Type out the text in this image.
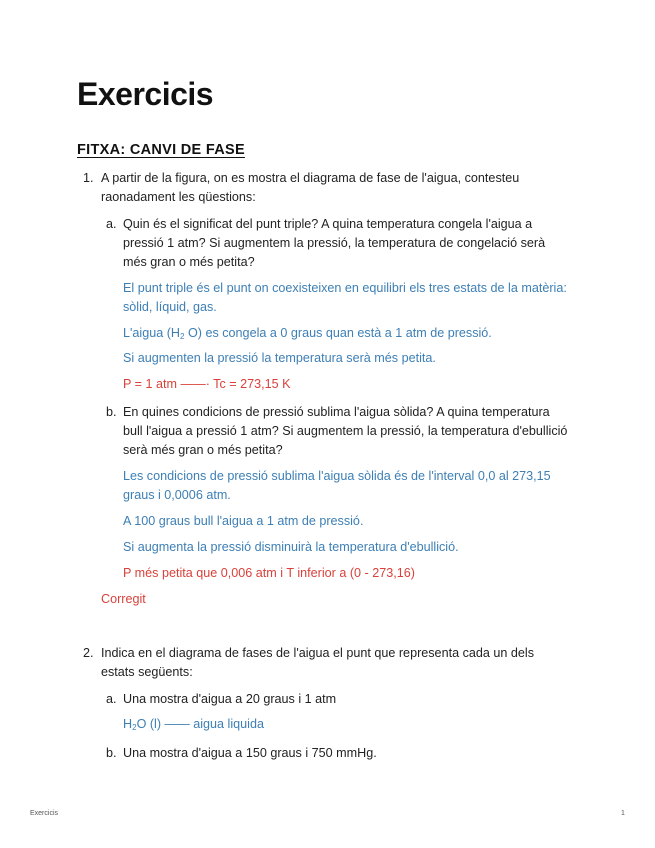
Exercicis
FITXA: CANVI DE FASE
1. A partir de la figura, on es mostra el diagrama de fase de l'aigua, contesteu
raonadament les qüestions:
a. Quin és el significat del punt triple? A quina temperatura congela l'aigua a
pressió 1 atm? Si augmentem la pressió, la temperatura de congelació serà
més gran o més petita?
El punt triple és el punt on coexisteixen en equilibri els tres estats de la matèria:
sòlid, líquid, gas.
L'aigua ($H_2$ O) es congela a 0 graus quan està a 1 atm de pressió.
Si augmenten la pressió la temperatura serà més petita.
P = 1 atm ——· Tc = 273,15 K
b. En quines condicions de pressió sublima l'aigua sòlida? A quina temperatura
bull l'aigua a pressió 1 atm? Si augmentem la pressió, la temperatura d'ebullició
serà més gran o més petita?
Les condicions de pressió sublima l'aigua sòlida és de l'interval 0,0 al 273,15
graus i 0,0006 atm.
A 100 graus bull l'aigua a 1 atm de pressió.
Si augmenta la pressió disminuirà la temperatura d'ebullició.
P més petita que 0,006 atm i T inferior a (0 - 273,16)
Corregit
2. Indica en el diagrama de fases de l'aigua el punt que representa cada un dels
estats següents:
a. Una mostra d'aigua a 20 graus i 1 atm
$H_2O$ (l) —— aigua liquida
b. Una mostra d'aigua a 150 graus i 750 mmHg.
Exercicis	1
